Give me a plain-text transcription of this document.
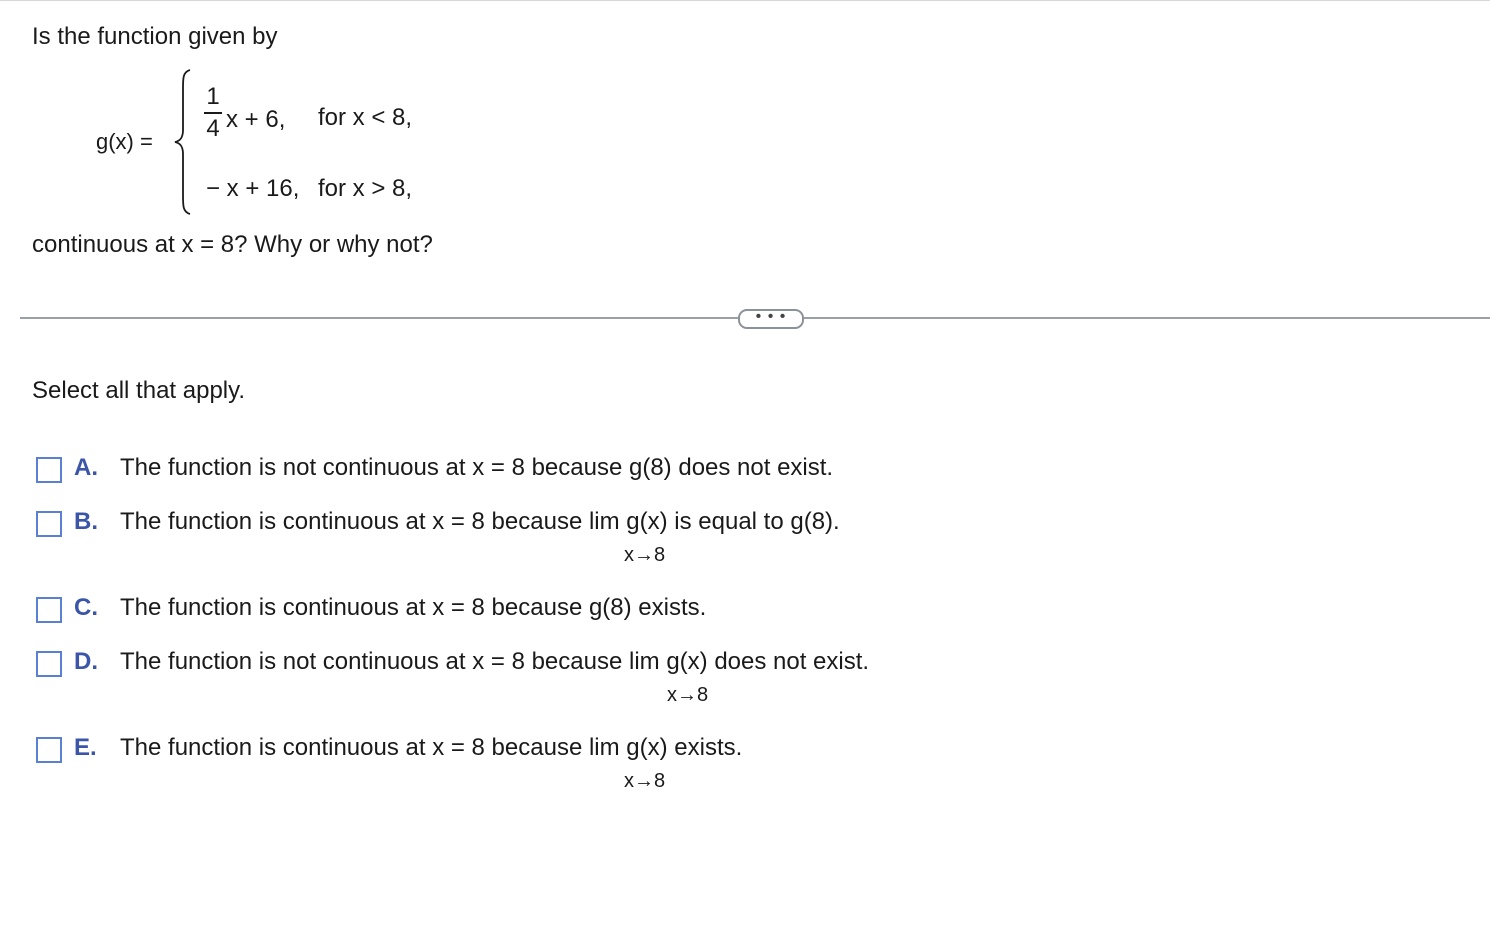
Is the function given by
g(x) =
1
4 x + 6, for x < 8,
− x + 16, for x > 8,
continuous at x = 8? Why or why not?
• • •
Select all that apply.
A. The function is not continuous at x = 8 because g(8) does not exist.
B. The function is continuous at x = 8 because lim g(x) is equal to g(8).
x→8
C. The function is continuous at x = 8 because g(8) exists.
D. The function is not continuous at x = 8 because lim g(x) does not exist.
x→8
E. The function is continuous at x = 8 because lim g(x) exists.
x→8
